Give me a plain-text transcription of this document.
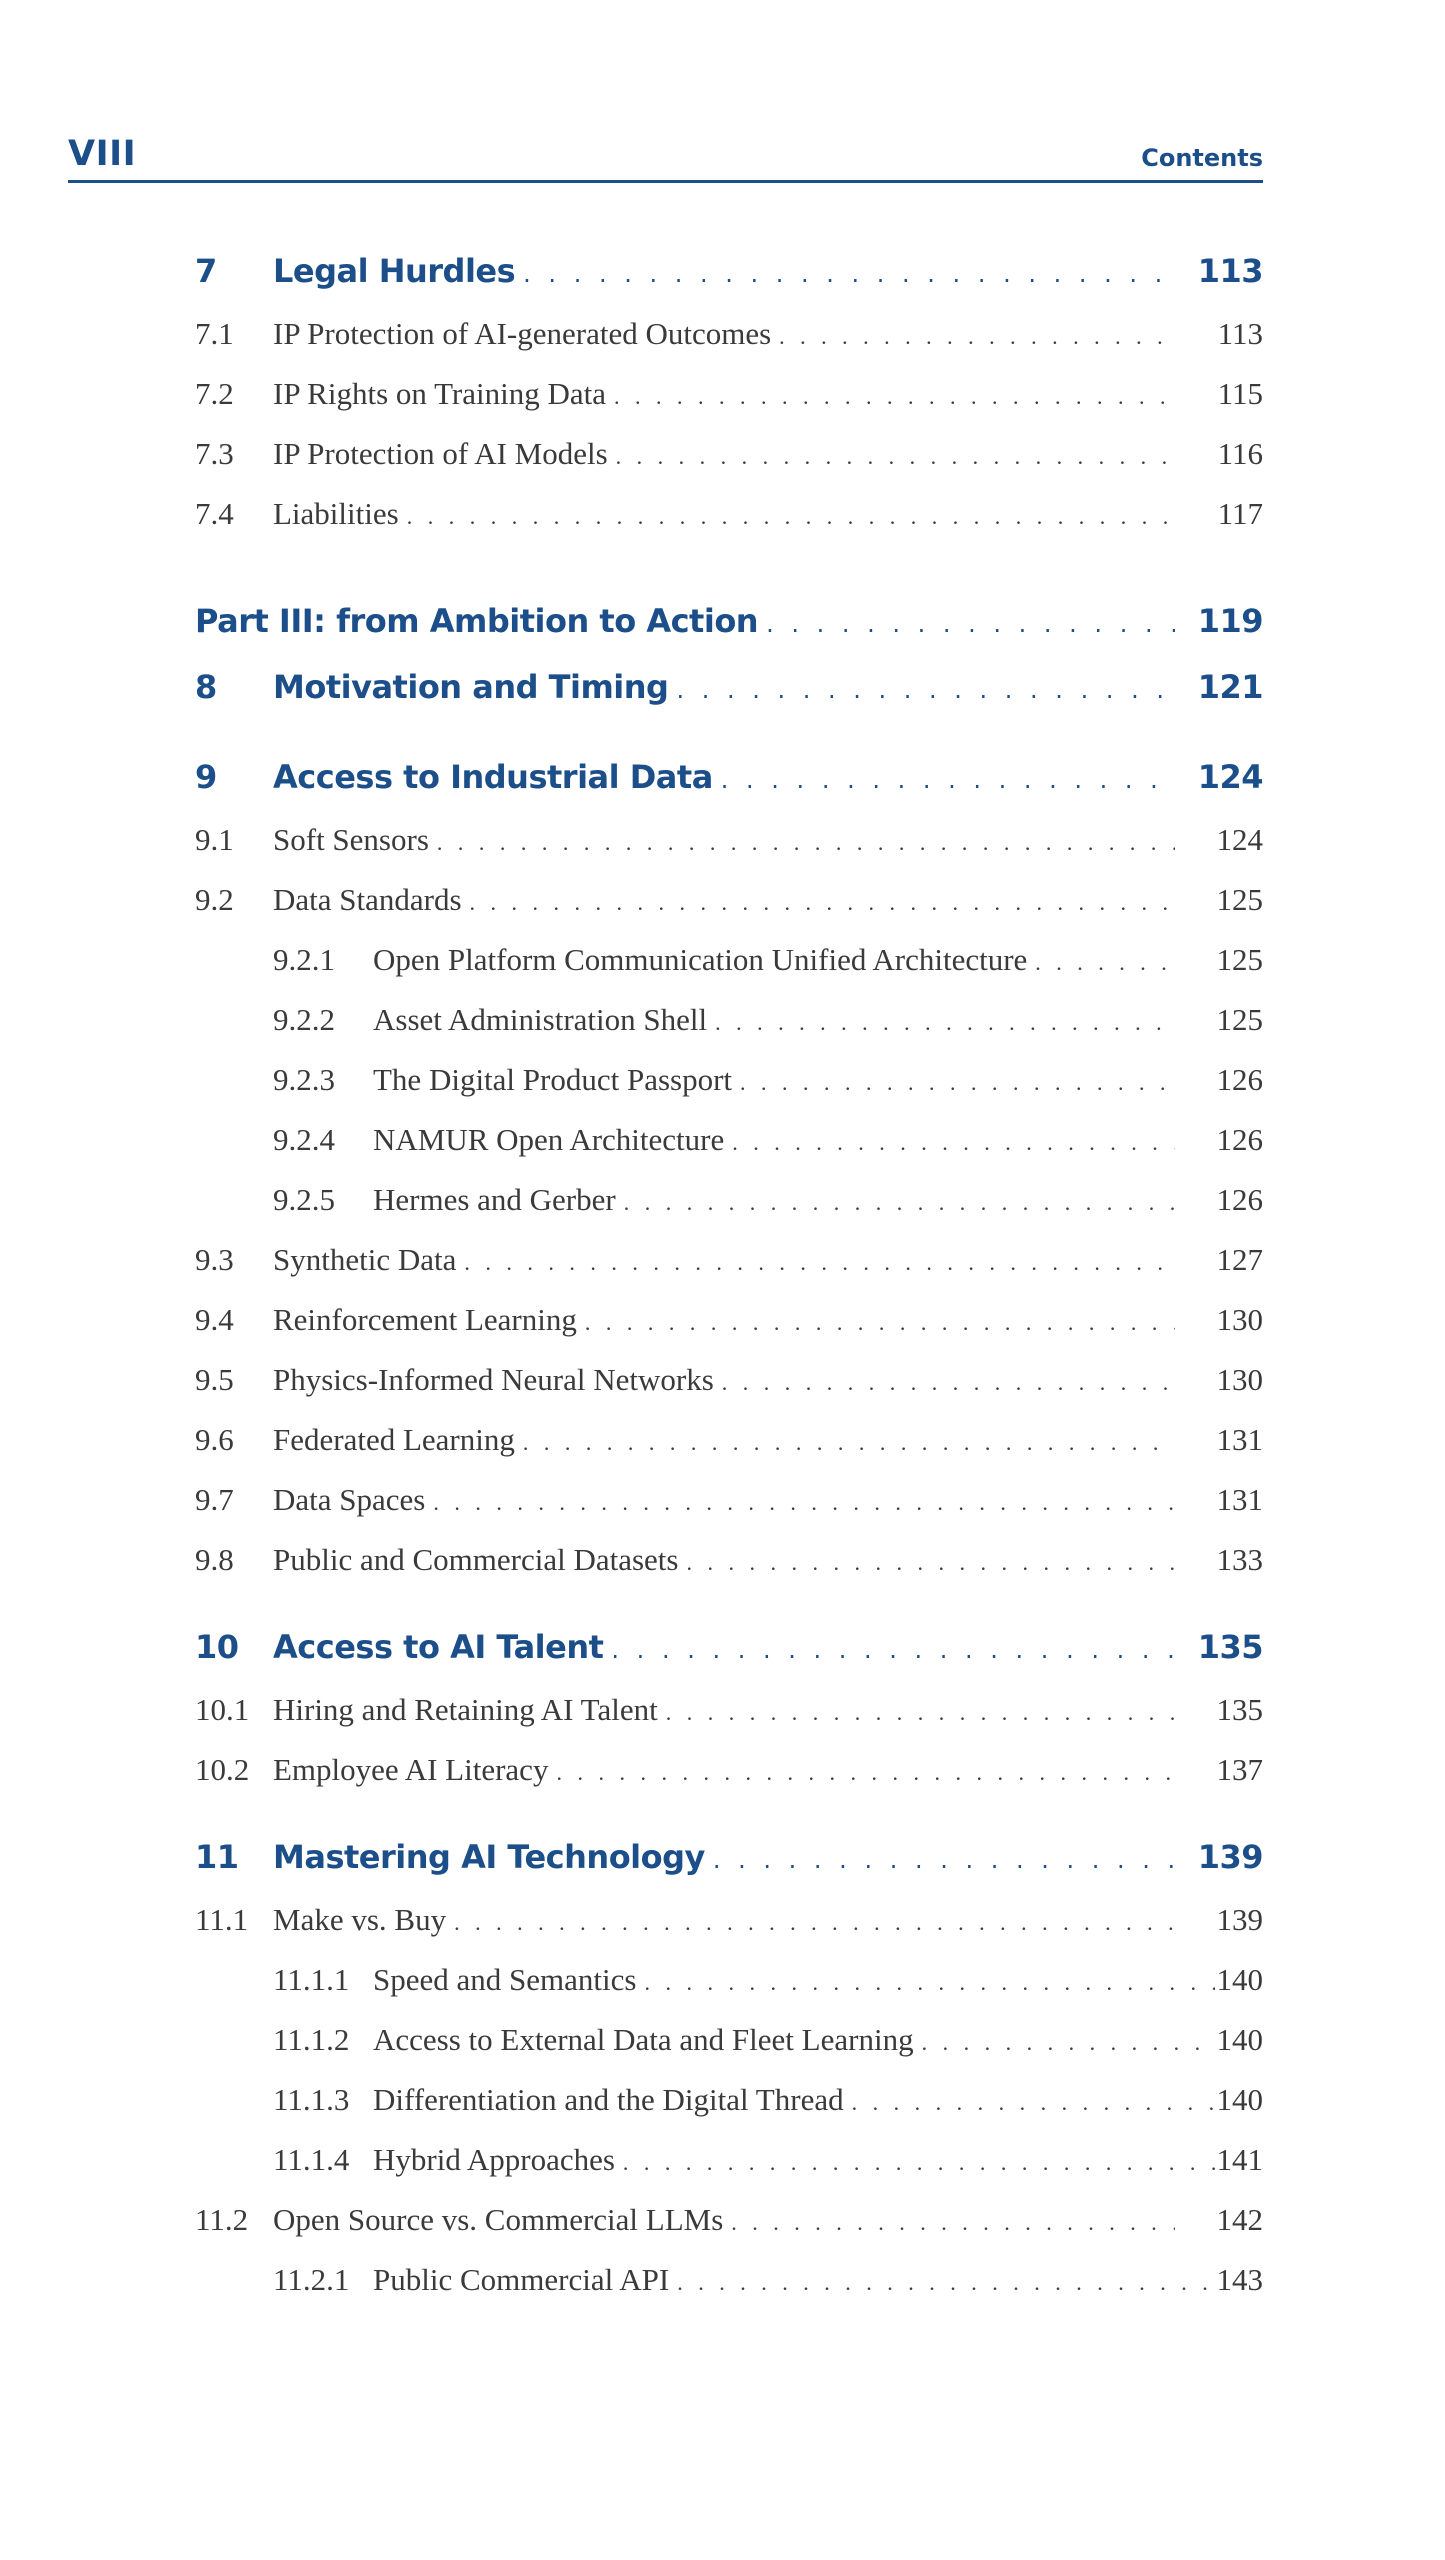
VIII	Contents
7	Legal Hurdles . . .	113
7.1	IP Protection of AI-generated Outcomes . . .	113
7.2	IP Rights on Training Data . . .	115
7.3	IP Protection of AI Models . . .	116
7.4	Liabilities . . .	117
Part III: from Ambition to Action . . .	119
8	Motivation and Timing . . .	121
9	Access to Industrial Data . . .	124
9.1	Soft Sensors . . .	124
9.2	Data Standards . . .	125
9.2.1	Open Platform Communication Unified Architecture . . .	125
9.2.2	Asset Administration Shell . . .	125
9.2.3	The Digital Product Passport . . .	126
9.2.4	NAMUR Open Architecture . . .	126
9.2.5	Hermes and Gerber . . .	126
9.3	Synthetic Data . . .	127
9.4	Reinforcement Learning . . .	130
9.5	Physics-Informed Neural Networks . . .	130
9.6	Federated Learning . . .	131
9.7	Data Spaces . . .	131
9.8	Public and Commercial Datasets . . .	133
10	Access to AI Talent . . .	135
10.1 Hiring and Retaining AI Talent . . .	135
10.2 Employee AI Literacy . . .	137
11	Mastering AI Technology . . .	139
11.1 Make vs. Buy . . .	139
11.1.1 Speed and Semantics . . .	140
11.1.2 Access to External Data and Fleet Learning . . .	140
11.1.3 Differentiation and the Digital Thread . . .	140
11.1.4 Hybrid Approaches . . .	141
11.2 Open Source vs. Commercial LLMs . . .	142
11.2.1 Public Commercial API . . .	143
